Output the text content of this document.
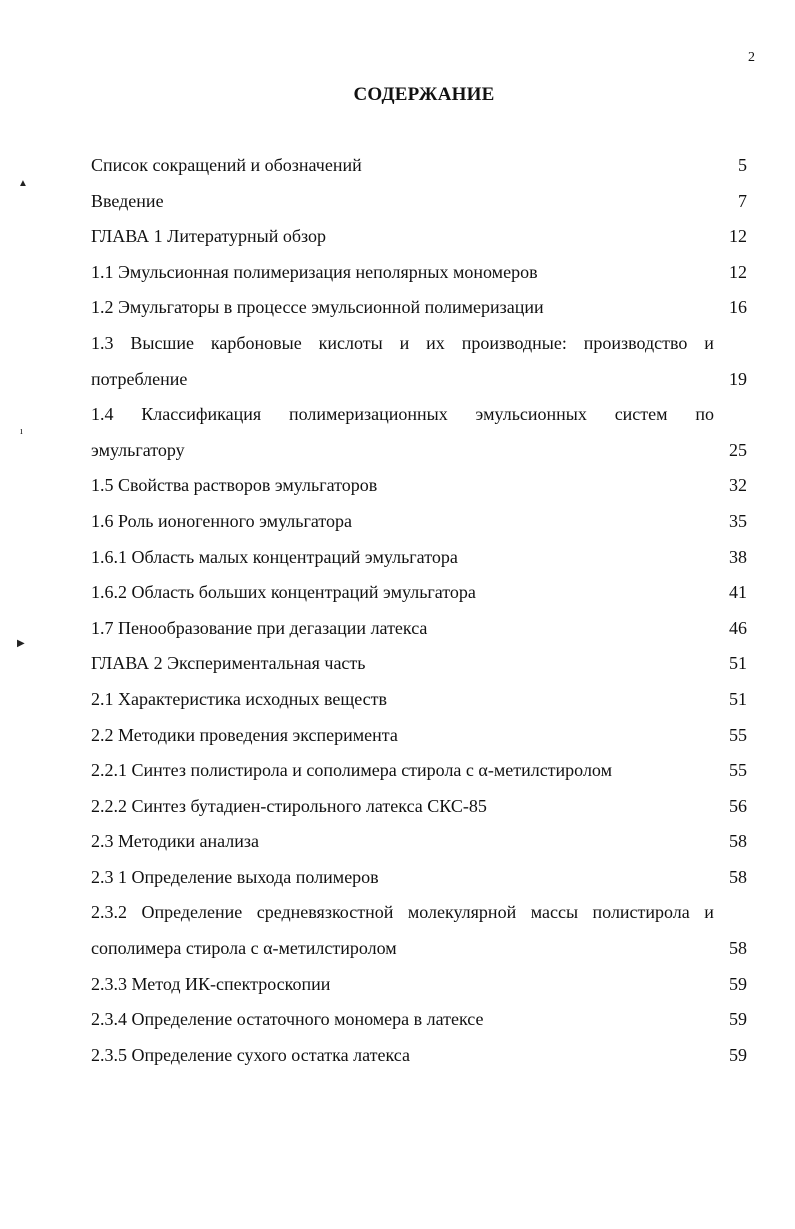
2
СОДЕРЖАНИЕ
▲
ı
▶
Список сокращений и обозначений	5
Введение	7
ГЛАВА 1 Литературный обзор	12
1.1 Эмульсионная полимеризация неполярных мономеров	12
1.2 Эмульгаторы в процессе эмульсионной полимеризации	16
1.3 Высшие карбоновые кислоты и их производные: производство и
потребление	19
1.4 Классификация полимеризационных эмульсионных систем по
эмульгатору	25
1.5 Свойства растворов эмульгаторов	32
1.6 Роль ионогенного эмульгатора	35
1.6.1 Область малых концентраций эмульгатора	38
1.6.2 Область больших концентраций эмульгатора	41
1.7 Пенообразование при дегазации латекса	46
ГЛАВА 2 Экспериментальная часть	51
2.1 Характеристика исходных веществ	51
2.2 Методики проведения эксперимента	55
2.2.1 Синтез полистирола и сополимера стирола с α-метилстиролом	55
2.2.2 Синтез бутадиен-стирольного латекса СКС-85	56
2.3 Методики анализа	58
2.3 1 Определение выхода полимеров	58
2.3.2 Определение средневязкостной молекулярной массы полистирола и
сополимера стирола с α-метилстиролом	58
2.3.3 Метод ИК-спектроскопии	59
2.3.4 Определение остаточного мономера в латексе	59
2.3.5 Определение сухого остатка латекса	59
